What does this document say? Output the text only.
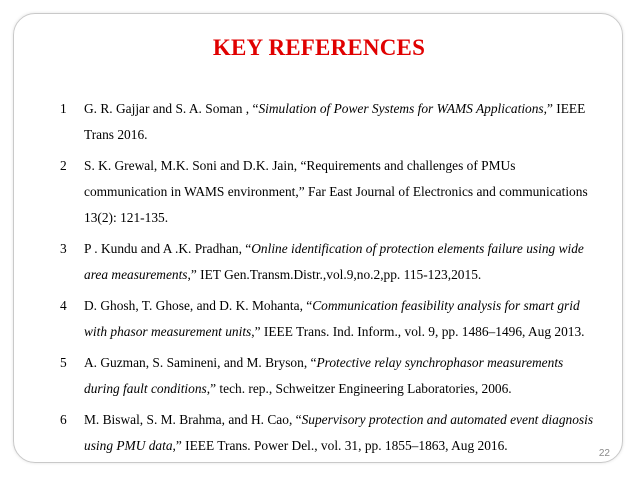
KEY REFERENCES
1 G. R. Gajjar and S. A. Soman , “Simulation of Power Systems for WAMS Applications,” IEEE Trans 2016.
2 S. K. Grewal, M.K. Soni and D.K. Jain, “Requirements and challenges of PMUs communication in WAMS environment,” Far East Journal of Electronics and communications 13(2): 121-135.
3 P . Kundu and A .K. Pradhan, “Online identification of protection elements failure using wide area measurements,” IET Gen.Transm.Distr.,vol.9,no.2,pp. 115-123,2015.
4 D. Ghosh, T. Ghose, and D. K. Mohanta, “Communication feasibility analysis for smart grid with phasor measurement units,” IEEE Trans. Ind. Inform., vol. 9, pp. 1486–1496, Aug 2013.
5 A. Guzman, S. Samineni, and M. Bryson, “Protective relay synchrophasor measurements during fault conditions,” tech. rep., Schweitzer Engineering Laboratories, 2006.
6 M. Biswal, S. M. Brahma, and H. Cao, “Supervisory protection and automated event diagnosis using PMU data,” IEEE Trans. Power Del., vol. 31, pp. 1855–1863, Aug 2016.
22
